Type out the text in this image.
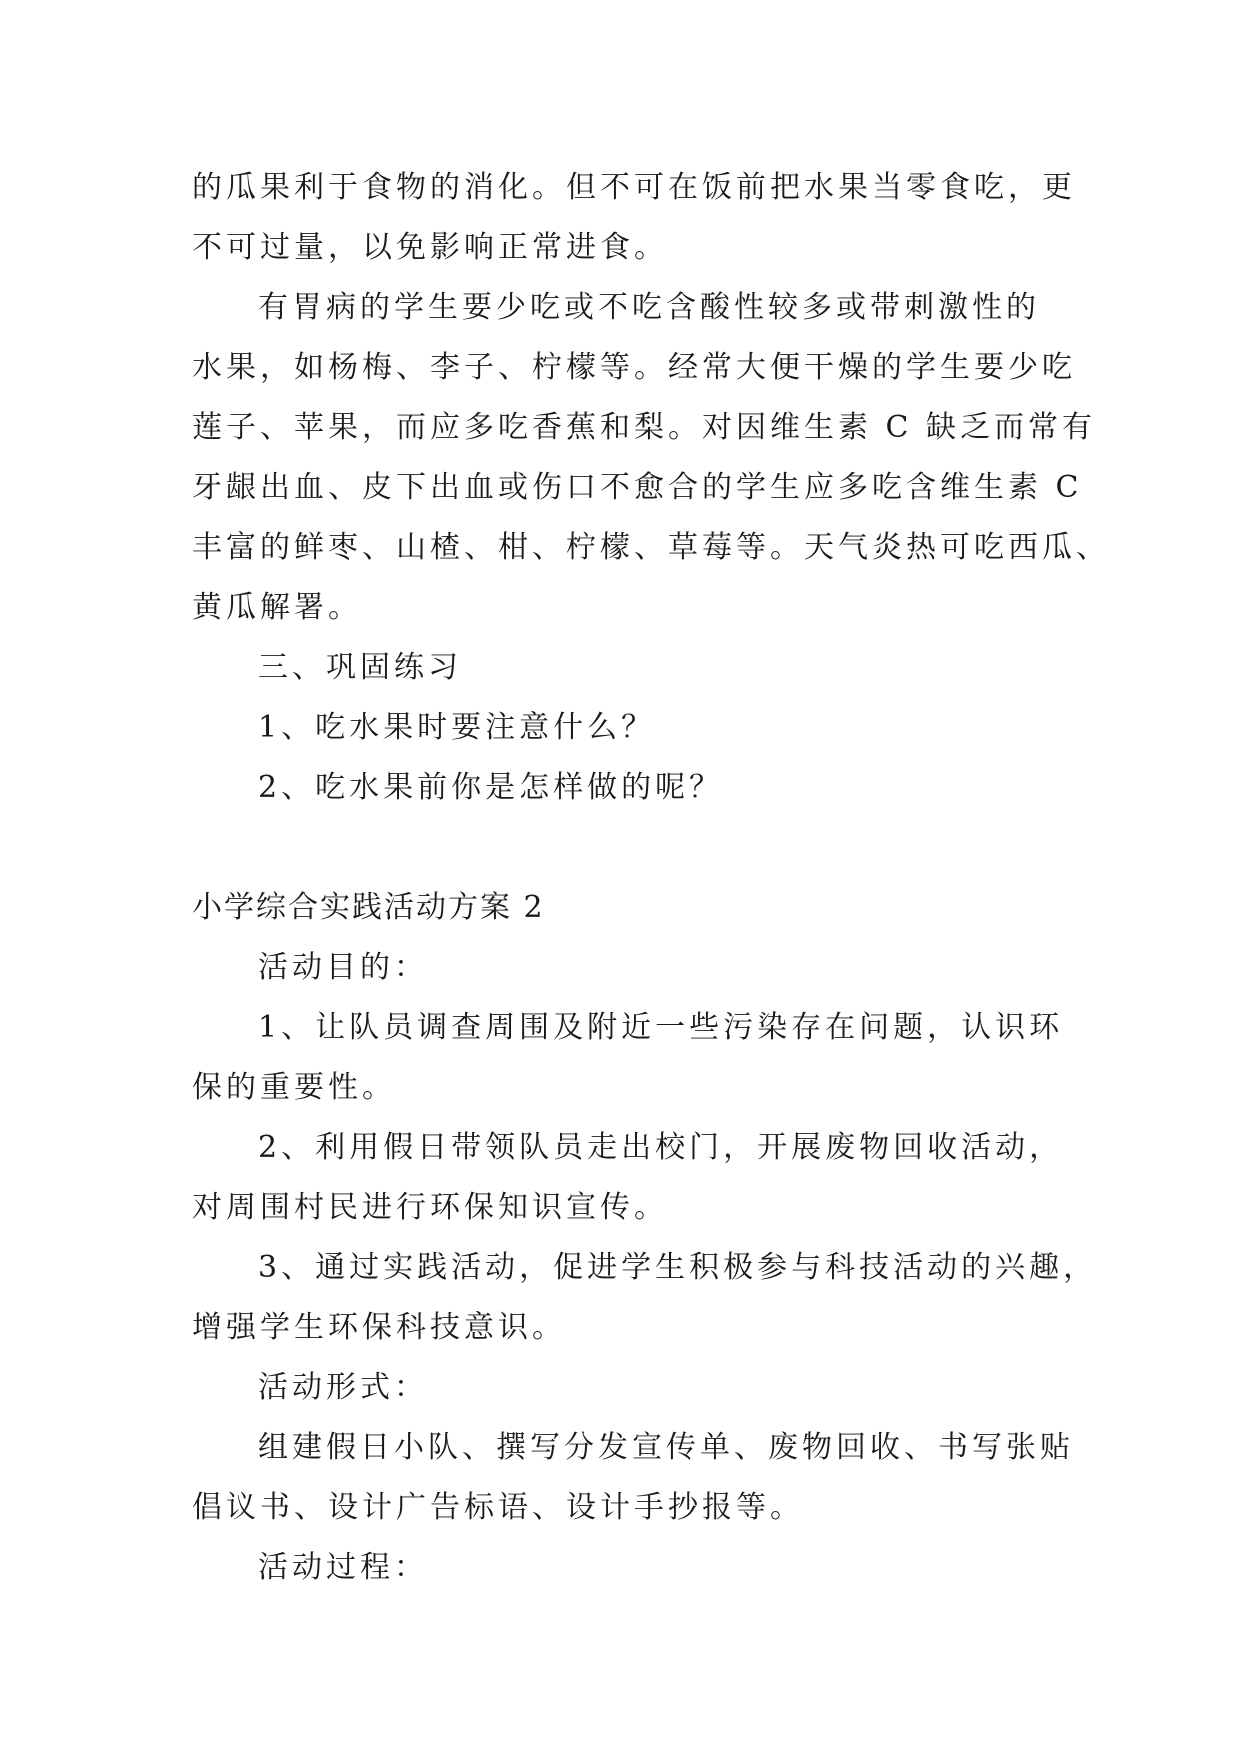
的瓜果利于食物的消化。但不可在饭前把水果当零食吃，更

不可过量，以免影响正常进食。

有胃病的学生要少吃或不吃含酸性较多或带刺激性的

水果，如杨梅、李子、柠檬等。经常大便干燥的学生要少吃

莲子、苹果，而应多吃香蕉和梨。对因维生素 C 缺乏而常有

牙龈出血、皮下出血或伤口不愈合的学生应多吃含维生素 C

丰富的鲜枣、山楂、柑、柠檬、草莓等。天气炎热可吃西瓜、

黄瓜解署。

三、巩固练习

1、吃水果时要注意什么？

2、吃水果前你是怎样做的呢？

小学综合实践活动方案 2

活动目的：

1、让队员调查周围及附近一些污染存在问题，认识环

保的重要性。

2、利用假日带领队员走出校门，开展废物回收活动，

对周围村民进行环保知识宣传。

3、通过实践活动，促进学生积极参与科技活动的兴趣，

增强学生环保科技意识。

活动形式：

组建假日小队、撰写分发宣传单、废物回收、书写张贴

倡议书、设计广告标语、设计手抄报等。

活动过程：
